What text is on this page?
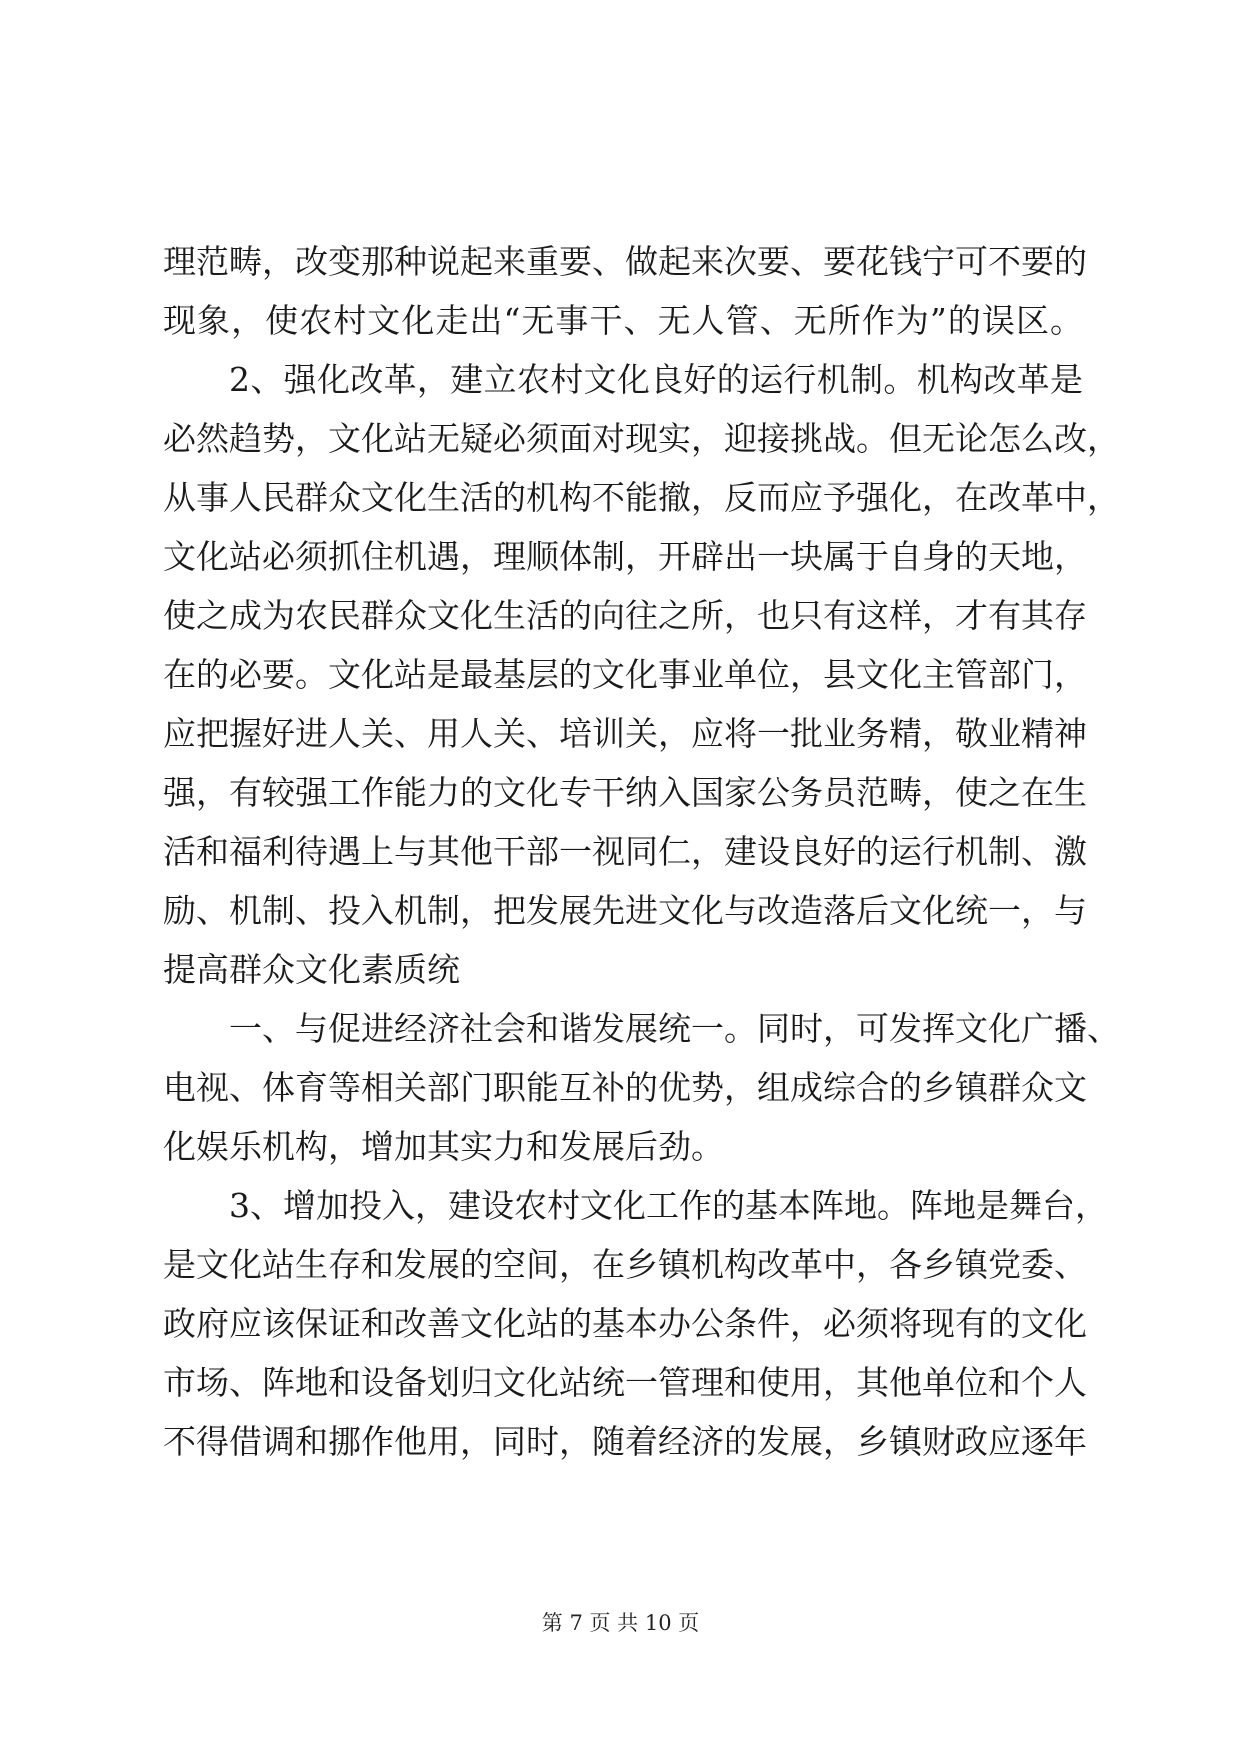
理范畴，改变那种说起来重要、做起来次要、要花钱宁可不要的
现象，使农村文化走出“无事干、无人管、无所作为”的误区。
2、强化改革，建立农村文化良好的运行机制。机构改革是
必然趋势，文化站无疑必须面对现实，迎接挑战。但无论怎么改，
从事人民群众文化生活的机构不能撤，反而应予强化，在改革中，
文化站必须抓住机遇，理顺体制，开辟出一块属于自身的天地，
使之成为农民群众文化生活的向往之所，也只有这样，才有其存
在的必要。文化站是最基层的文化事业单位，县文化主管部门，
应把握好进人关、用人关、培训关，应将一批业务精，敬业精神
强，有较强工作能力的文化专干纳入国家公务员范畴，使之在生
活和福利待遇上与其他干部一视同仁，建设良好的运行机制、激
励、机制、投入机制，把发展先进文化与改造落后文化统一，与
提高群众文化素质统
一、与促进经济社会和谐发展统一。同时，可发挥文化广播、
电视、体育等相关部门职能互补的优势，组成综合的乡镇群众文
化娱乐机构，增加其实力和发展后劲。
3、增加投入，建设农村文化工作的基本阵地。阵地是舞台，
是文化站生存和发展的空间，在乡镇机构改革中，各乡镇党委、
政府应该保证和改善文化站的基本办公条件，必须将现有的文化
市场、阵地和设备划归文化站统一管理和使用，其他单位和个人
不得借调和挪作他用，同时，随着经济的发展，乡镇财政应逐年
第 7 页 共 10 页
